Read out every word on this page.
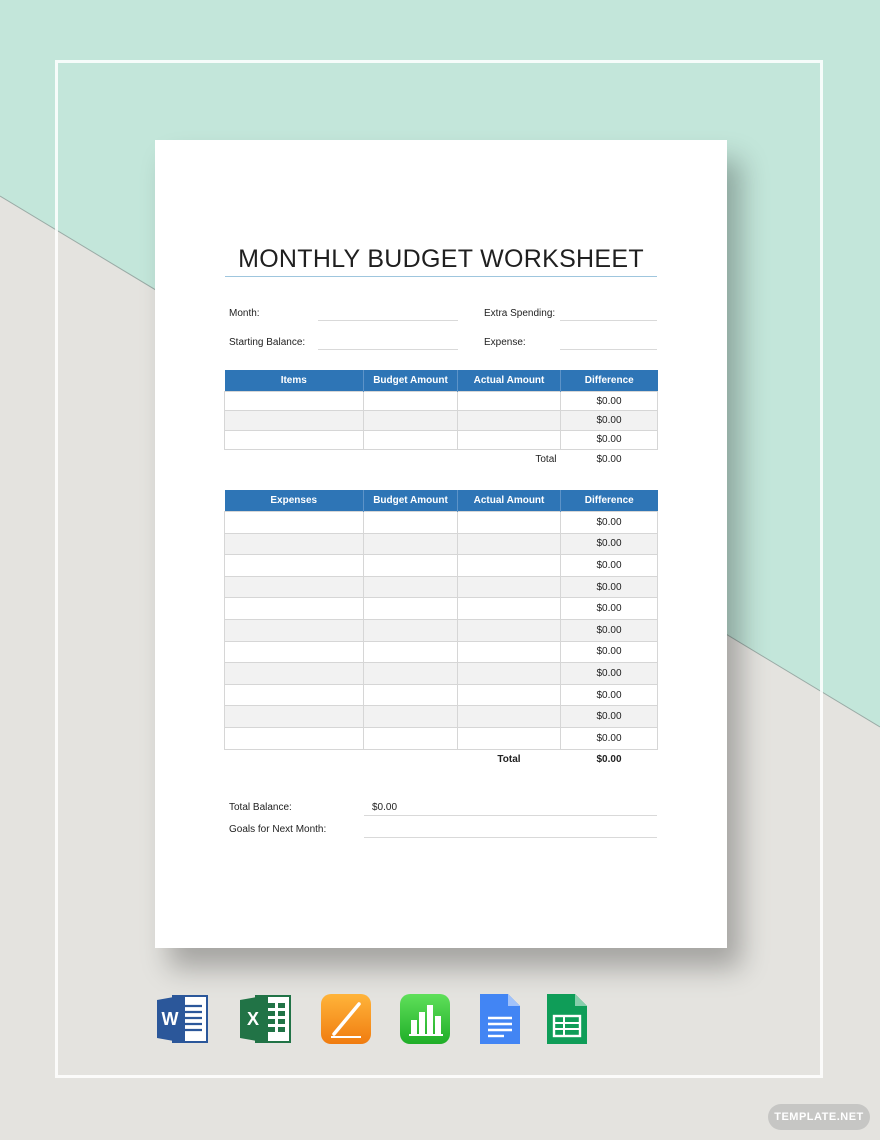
MONTHLY BUDGET WORKSHEET
Month:
Starting Balance:
Extra Spending:
Expense:
Items	Budget Amount	Actual Amount	Difference
			$0.00
			$0.00
			$0.00
		Total	$0.00
Expenses	Budget Amount	Actual Amount	Difference
			$0.00
			$0.00
			$0.00
			$0.00
			$0.00
			$0.00
			$0.00
			$0.00
			$0.00
			$0.00
			$0.00
		Total	$0.00
Total Balance:	$0.00
Goals for Next Month:
W	X
TEMPLATE.NET
